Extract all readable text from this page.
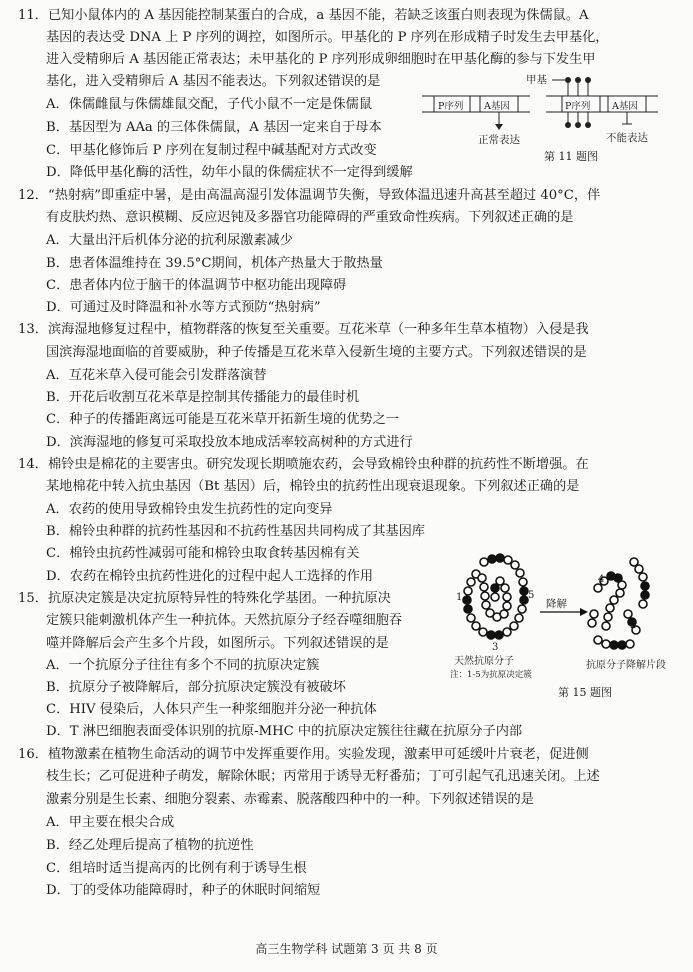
11．已知小鼠体内的 A 基因能控制某蛋白的合成，a 基因不能，若缺乏该蛋白则表现为侏儒鼠。A
基因的表达受 DNA 上 P 序列的调控，如图所示。甲基化的 P 序列在形成精子时发生去甲基化，
进入受精卵后 A 基因能正常表达；未甲基化的 P 序列形成卵细胞时在甲基化酶的参与下发生甲
基化，进入受精卵后 A 基因不能表达。下列叙述错误的是
A．侏儒雌鼠与侏儒雄鼠交配，子代小鼠不一定是侏儒鼠
B．基因型为 AAa 的三体侏儒鼠，A 基因一定来自于母本
C．甲基化修饰后 P 序列在复制过程中碱基配对方式改变
D．降低甲基化酶的活性，幼年小鼠的侏儒症状不一定得到缓解
甲基
P序列 A基因	P序列 A基因
正常表达	不能表达
第 11 题图
12．“热射病”即重症中暑，是由高温高湿引发体温调节失衡，导致体温迅速升高甚至超过 40°C，伴
有皮肤灼热、意识模糊、反应迟钝及多器官功能障碍的严重致命性疾病。下列叙述正确的是
A．大量出汗后机体分泌的抗利尿激素减少
B．患者体温维持在 39.5°C期间，机体产热量大于散热量
C．患者体内位于脑干的体温调节中枢功能出现障碍
D．可通过及时降温和补水等方式预防“热射病”
13．滨海湿地修复过程中，植物群落的恢复至关重要。互花米草（一种多年生草本植物）入侵是我
国滨海湿地面临的首要威胁，种子传播是互花米草入侵新生境的主要方式。下列叙述错误的是
A．互花米草入侵可能会引发群落演替
B．开花后收割互花米草是控制其传播能力的最佳时机
C．种子的传播距离远可能是互花米草开拓新生境的优势之一
D．滨海湿地的修复可采取投放本地成活率较高树种的方式进行
14．棉铃虫是棉花的主要害虫。研究发现长期喷施农药，会导致棉铃虫种群的抗药性不断增强。在
某地棉花中转入抗虫基因（Bt 基因）后，棉铃虫的抗药性出现衰退现象。下列叙述正确的是
A．农药的使用导致棉铃虫发生抗药性的定向变异
B．棉铃虫种群的抗药性基因和不抗药性基因共同构成了其基因库
C．棉铃虫抗药性减弱可能和棉铃虫取食转基因棉有关
D．农药在棉铃虫抗药性进化的过程中起人工选择的作用
15．抗原决定簇是决定抗原特异性的特殊化学基团。一种抗原决
定簇只能刺激机体产生一种抗体。天然抗原分子经吞噬细胞吞
噬并降解后会产生多个片段，如图所示。下列叙述错误的是
A．一个抗原分子往往有多个不同的抗原决定簇
B．抗原分子被降解后，部分抗原决定簇没有被破坏
C．HIV 侵染后，人体只产生一种浆细胞并分泌一种抗体
D．T 淋巴细胞表面受体识别的抗原-MHC 中的抗原决定簇往往藏在抗原分子内部
1
2
3
4
5
降解
天然抗原分子
注：1-5为抗原决定簇
抗原分子降解片段
第 15 题图
16．植物激素在植物生命活动的调节中发挥重要作用。实验发现，激素甲可延缓叶片衰老，促进侧
枝生长；乙可促进种子萌发，解除休眠；丙常用于诱导无籽番茄；丁可引起气孔迅速关闭。上述
激素分别是生长素、细胞分裂素、赤霉素、脱落酸四种中的一种。下列叙述错误的是
A．甲主要在根尖合成
B．经乙处理后提高了植物的抗逆性
C．组培时适当提高丙的比例有利于诱导生根
D．丁的受体功能障碍时，种子的休眠时间缩短
高三生物学科 试题第 3 页 共 8 页
